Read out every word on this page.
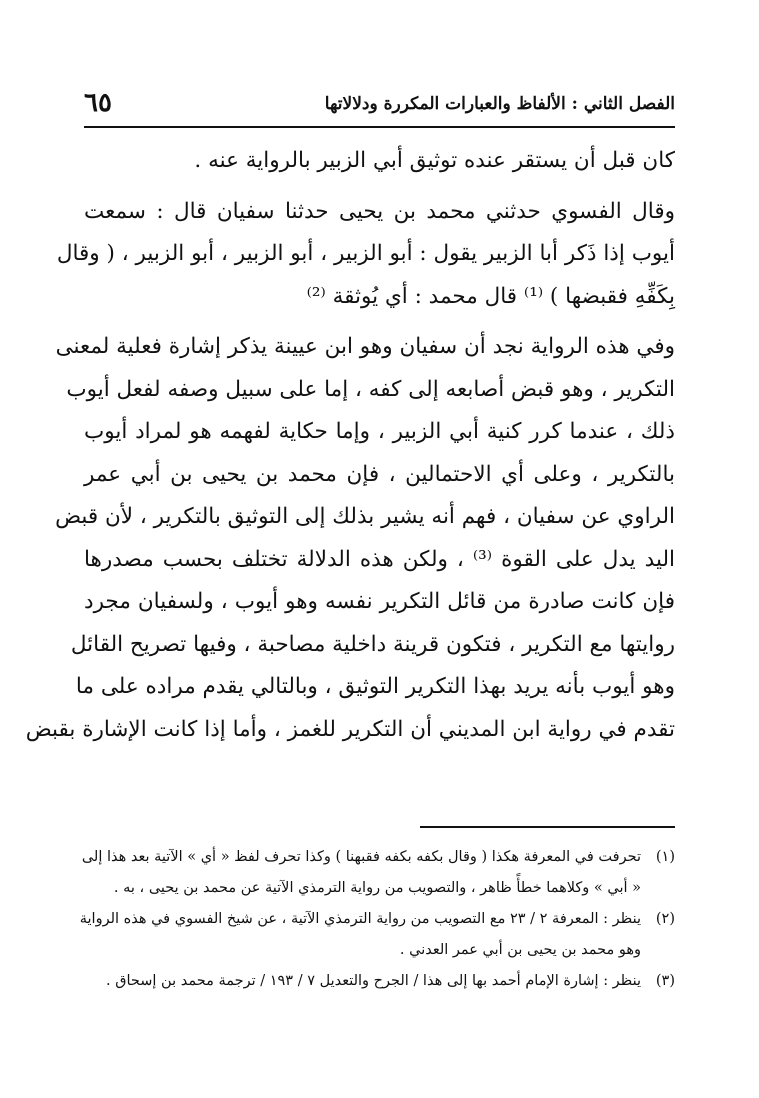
٦٥	الفصل الثاني : الألفاظ والعبارات المكررة ودلالاتها
كان قبل أن يستقر عنده توثيق أبي الزبير بالرواية عنه .
وقال الفسوي حدثني محمد بن يحيى حدثنا سفيان قال : سمعت
أيوب إذا ذَكر أبا الزبير يقول : أبو الزبير ، أبو الزبير ، أبو الزبير ، ( وقال
بِكَفِّهِ فقبضها ) ⁽¹⁾ قال محمد : أي يُوثقة ⁽²⁾
وفي هذه الرواية نجد أن سفيان وهو ابن عيينة يذكر إشارة فعلية لمعنى
التكرير ، وهو قبض أصابعه إلى كفه ، إما على سبيل وصفه لفعل أيوب
ذلك ، عندما كرر كنية أبي الزبير ، وإما حكاية لفهمه هو لمراد أيوب
بالتكرير ، وعلى أي الاحتمالين ، فإن محمد بن يحيى بن أبي عمر
الراوي عن سفيان ، فهم أنه يشير بذلك إلى التوثيق بالتكرير ، لأن قبض
اليد يدل على القوة ⁽³⁾ ، ولكن هذه الدلالة تختلف بحسب مصدرها
فإن كانت صادرة من قائل التكرير نفسه وهو أيوب ، ولسفيان مجرد
روايتها مع التكرير ، فتكون قرينة داخلية مصاحبة ، وفيها تصريح القائل
وهو أيوب بأنه يريد بهذا التكرير التوثيق ، وبالتالي يقدم مراده على ما
تقدم في رواية ابن المديني أن التكرير للغمز ، وأما إذا كانت الإشارة بقبض
(١)
تحرفت في المعرفة هكذا ( وقال بكفه بكفه فقبهنا ) وكذا تحرف لفظ « أي » الآتية بعد هذا إلى
« أبي » وكلاهما خطأً ظاهر ، والتصويب من رواية الترمذي الآتية عن محمد بن يحيى ، به .
(٢)
ينظر : المعرفة ٢ / ٢٣ مع التصويب من رواية الترمذي الآتية ، عن شيخ الفسوي في هذه الرواية
وهو محمد بن يحيى بن أبي عمر العدني .
(٣)
ينظر : إشارة الإمام أحمد بها إلى هذا / الجرح والتعديل ٧ / ١٩٣ / ترجمة محمد بن إسحاق .
